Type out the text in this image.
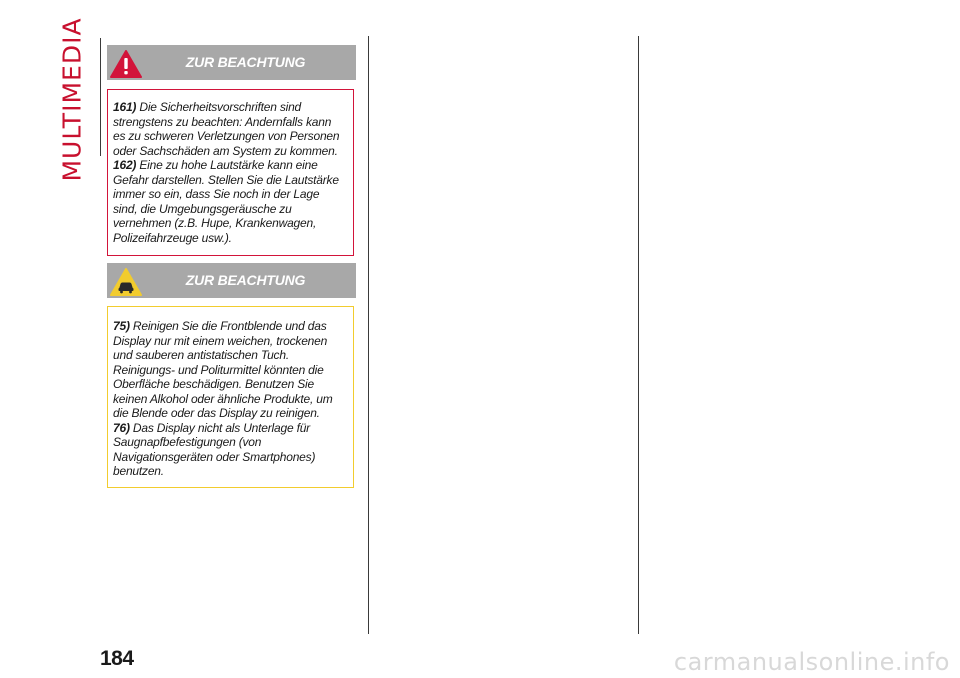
MULTIMEDIA	ZUR BEACHTUNG

161) Die Sicherheitsvorschriften sind strengstens zu beachten: Andernfalls kann es zu schweren Verletzungen von Personen oder Sachschäden am System zu kommen.

162) Eine zu hohe Lautstärke kann eine Gefahr darstellen. Stellen Sie die Lautstärke immer so ein, dass Sie noch in der Lage sind, die Umgebungsgeräusche zu vernehmen (z.B. Hupe, Krankenwagen, Polizeifahrzeuge usw.).

ZUR BEACHTUNG

75) Reinigen Sie die Frontblende und das Display nur mit einem weichen, trockenen und sauberen antistatischen Tuch. Reinigungs- und Politurmittel könnten die Oberfläche beschädigen. Benutzen Sie keinen Alkohol oder ähnliche Produkte, um die Blende oder das Display zu reinigen.

76) Das Display nicht als Unterlage für Saugnapfbefestigungen (von Navigationsgeräten oder Smartphones) benutzen.

184	carmanualsonline.info
